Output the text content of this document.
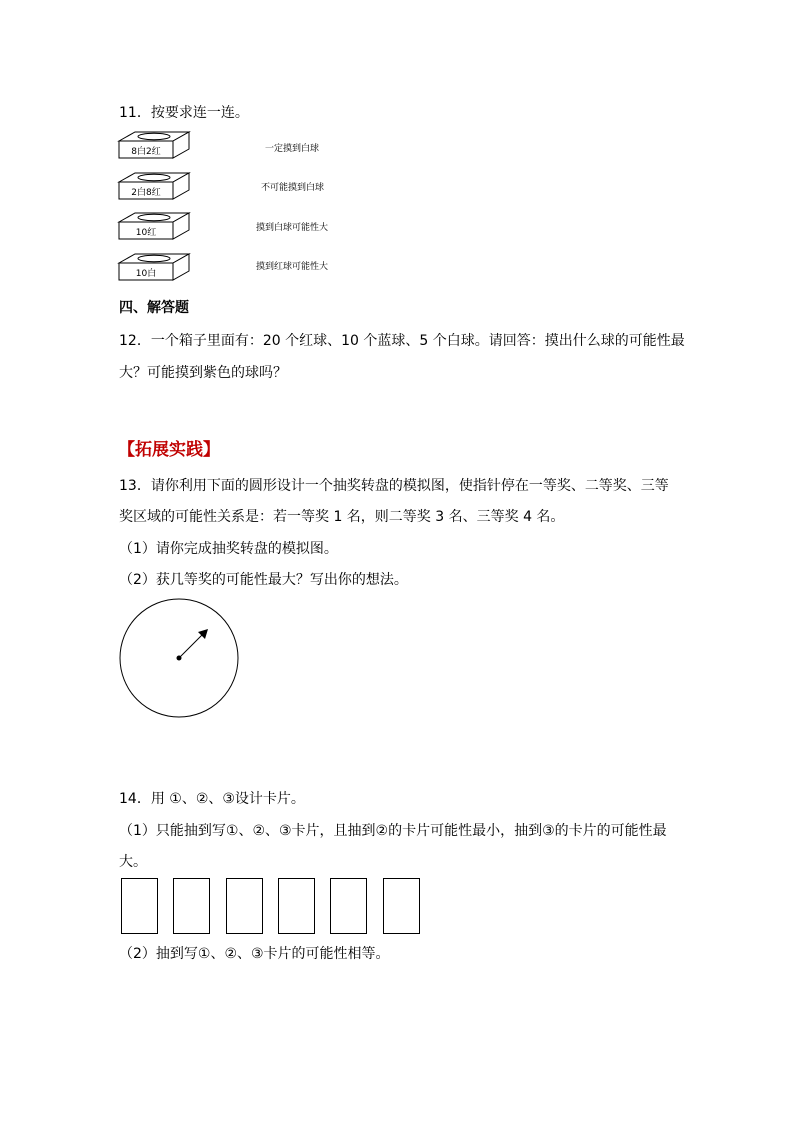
11．按要求连一连。
8白2红
2白8红
10红
10白
一定摸到白球
不可能摸到白球
摸到白球可能性大
摸到红球可能性大
四、解答题
12．一个箱子里面有：20 个红球、10 个蓝球、5 个白球。请回答：摸出什么球的可能性最
大？可能摸到紫色的球吗？
【拓展实践】
13．请你利用下面的圆形设计一个抽奖转盘的模拟图，使指针停在一等奖、二等奖、三等
奖区域的可能性关系是：若一等奖 1 名，则二等奖 3 名、三等奖 4 名。
（1）请你完成抽奖转盘的模拟图。
（2）获几等奖的可能性最大？写出你的想法。
14．用 ①、②、③设计卡片。
（1）只能抽到写①、②、③卡片，且抽到②的卡片可能性最小，抽到③的卡片的可能性最
大。
（2）抽到写①、②、③卡片的可能性相等。
